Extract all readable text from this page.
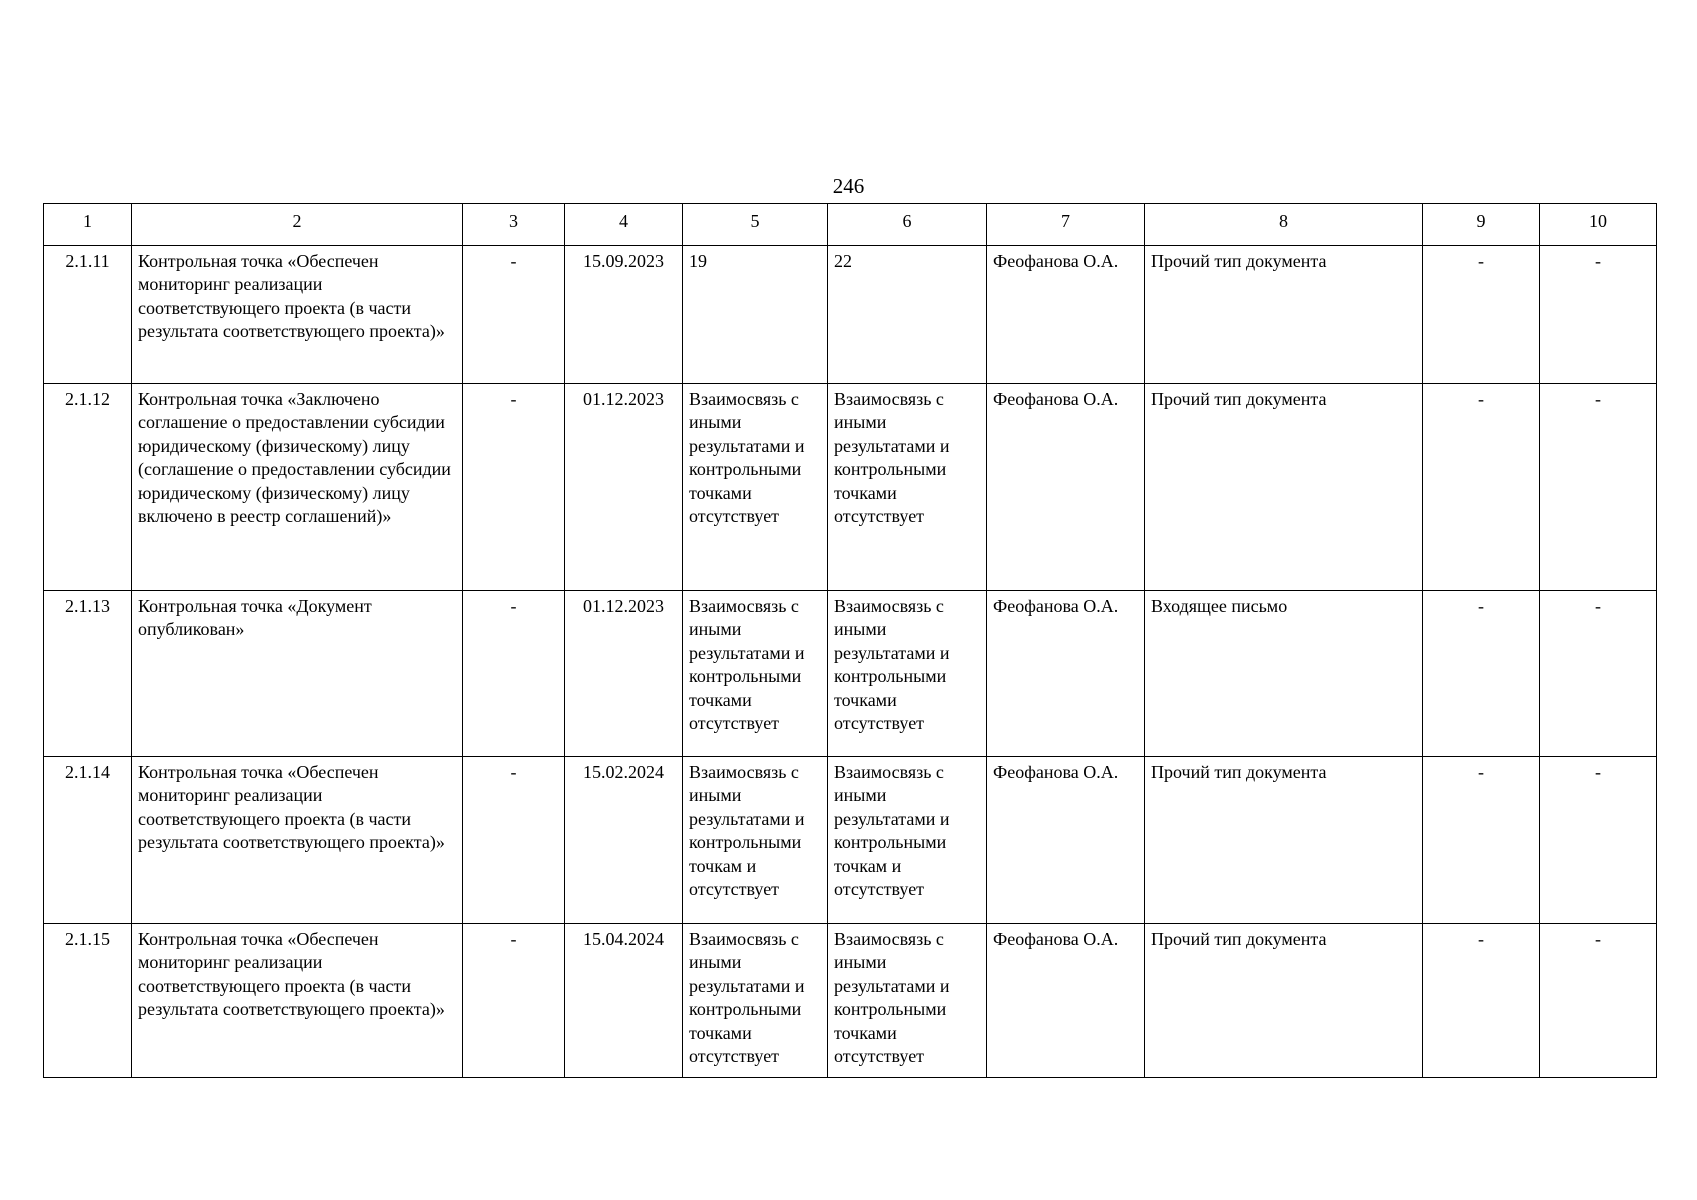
246
1	2	3	4	5	6	7	8	9	10
2.1.11	Контрольная точка «Обеспечен мониторинг реализации соответствующего проекта (в части результата соответствующего проекта)»	-	15.09.2023	19	22	Феофанова О.А.	Прочий тип документа	-	-
2.1.12	Контрольная точка «Заключено соглашение о предоставлении субсидии юридическому (физическому) лицу (соглашение о предоставлении субсидии юридическому (физическому) лицу включено в реестр соглашений)»	-	01.12.2023	Взаимосвязь с иными результатами и контрольными точками отсутствует	Взаимосвязь с иными результатами и контрольными точками отсутствует	Феофанова О.А.	Прочий тип документа	-	-
2.1.13	Контрольная точка «Документ опубликован»	-	01.12.2023	Взаимосвязь с иными результатами и контрольными точками отсутствует	Взаимосвязь с иными результатами и контрольными точками отсутствует	Феофанова О.А.	Входящее письмо	-	-
2.1.14	Контрольная точка «Обеспечен мониторинг реализации соответствующего проекта (в части результата соответствующего проекта)»	-	15.02.2024	Взаимосвязь с иными результатами и контрольными точкам и отсутствует	Взаимосвязь с иными результатами и контрольными точкам и отсутствует	Феофанова О.А.	Прочий тип документа	-	-
2.1.15	Контрольная точка «Обеспечен мониторинг реализации соответствующего проекта (в части результата соответствующего проекта)»	-	15.04.2024	Взаимосвязь с иными результатами и контрольными точками отсутствует	Взаимосвязь с иными результатами и контрольными точками отсутствует	Феофанова О.А.	Прочий тип документа	-	-
